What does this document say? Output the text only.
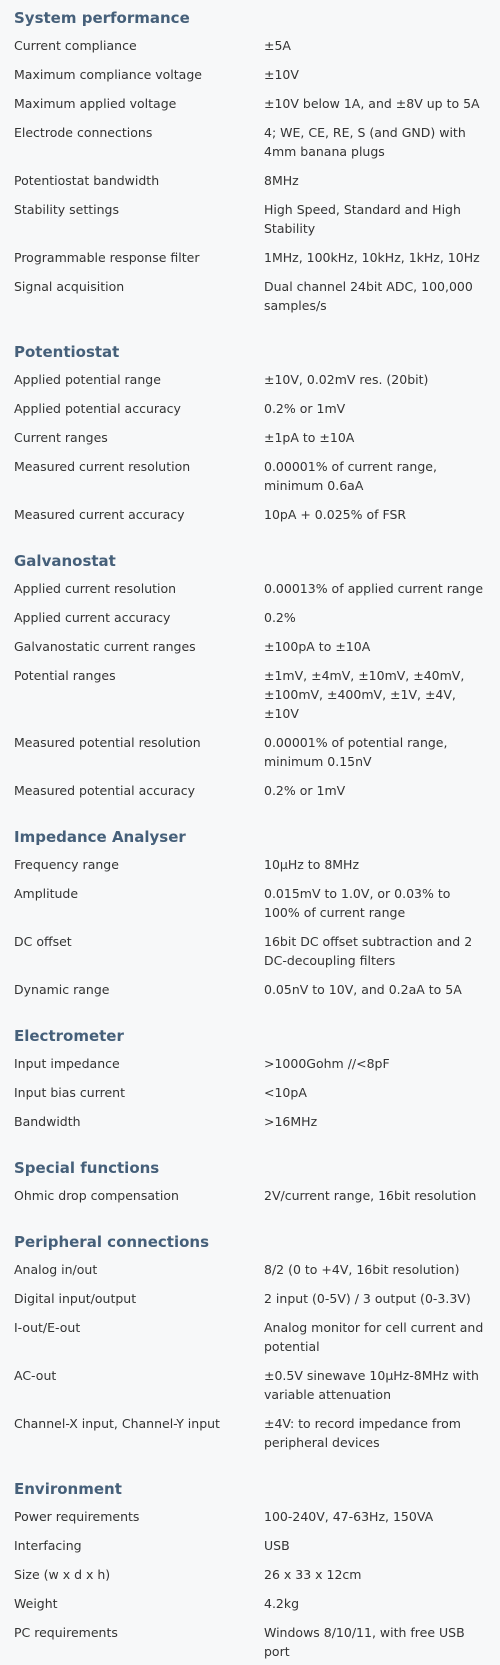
System performance
Current compliance	±5A
Maximum compliance voltage	±10V
Maximum applied voltage	±10V below 1A, and ±8V up to 5A
Electrode connections	4; WE, CE, RE, S (and GND) with 4mm banana plugs
Potentiostat bandwidth	8MHz
Stability settings	High Speed, Standard and High Stability
Programmable response filter	1MHz, 100kHz, 10kHz, 1kHz, 10Hz
Signal acquisition	Dual channel 24bit ADC, 100,000 samples/s
Potentiostat
Applied potential range	±10V, 0.02mV res. (20bit)
Applied potential accuracy	0.2% or 1mV
Current ranges	±1pA to ±10A
Measured current resolution	0.00001% of current range, minimum 0.6aA
Measured current accuracy	10pA + 0.025% of FSR
Galvanostat
Applied current resolution	0.00013% of applied current range
Applied current accuracy	0.2%
Galvanostatic current ranges	±100pA to ±10A
Potential ranges	±1mV, ±4mV, ±10mV, ±40mV, ±100mV, ±400mV, ±1V, ±4V, ±10V
Measured potential resolution	0.00001% of potential range, minimum 0.15nV
Measured potential accuracy	0.2% or 1mV
Impedance Analyser
Frequency range	10µHz to 8MHz
Amplitude	0.015mV to 1.0V, or 0.03% to 100% of current range
DC offset	16bit DC offset subtraction and 2 DC-decoupling filters
Dynamic range	0.05nV to 10V, and 0.2aA to 5A
Electrometer
Input impedance	>1000Gohm //<8pF
Input bias current	<10pA
Bandwidth	>16MHz
Special functions
Ohmic drop compensation	2V/current range, 16bit resolution
Peripheral connections
Analog in/out	8/2 (0 to +4V, 16bit resolution)
Digital input/output	2 input (0-5V) / 3 output (0-3.3V)
I-out/E-out	Analog monitor for cell current and potential
AC-out	±0.5V sinewave 10µHz-8MHz with variable attenuation
Channel-X input, Channel-Y input	±4V: to record impedance from peripheral devices
Environment
Power requirements	100-240V, 47-63Hz, 150VA
Interfacing	USB
Size (w x d x h)	26 x 33 x 12cm
Weight	4.2kg
PC requirements	Windows 8/10/11, with free USB port
